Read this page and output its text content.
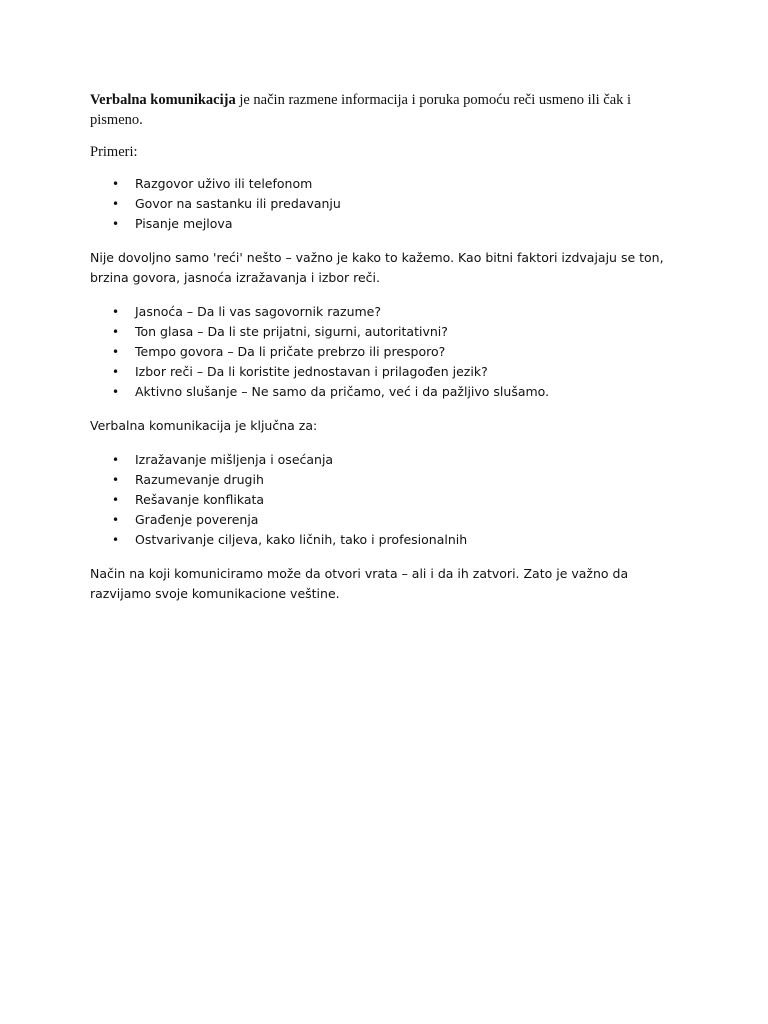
Verbalna komunikacija je način razmene informacija i poruka pomoću reči usmeno ili čak i pismeno.

Primeri:

• Razgovor uživo ili telefonom
• Govor na sastanku ili predavanju
• Pisanje mejlova

Nije dovoljno samo 'reći' nešto – važno je kako to kažemo. Kao bitni faktori izdvajaju se ton, brzina govora, jasnoća izražavanja i izbor reči.

• Jasnoća – Da li vas sagovornik razume?
• Ton glasa – Da li ste prijatni, sigurni, autoritativni?
• Tempo govora – Da li pričate prebrzo ili presporo?
• Izbor reči – Da li koristite jednostavan i prilagođen jezik?
• Aktivno slušanje – Ne samo da pričamo, već i da pažljivo slušamo.

Verbalna komunikacija je ključna za:

• Izražavanje mišljenja i osećanja
• Razumevanje drugih
• Rešavanje konflikata
• Građenje poverenja
• Ostvarivanje ciljeva, kako ličnih, tako i profesionalnih

Način na koji komuniciramo može da otvori vrata – ali i da ih zatvori. Zato je važno da razvijamo svoje komunikacione veštine.
